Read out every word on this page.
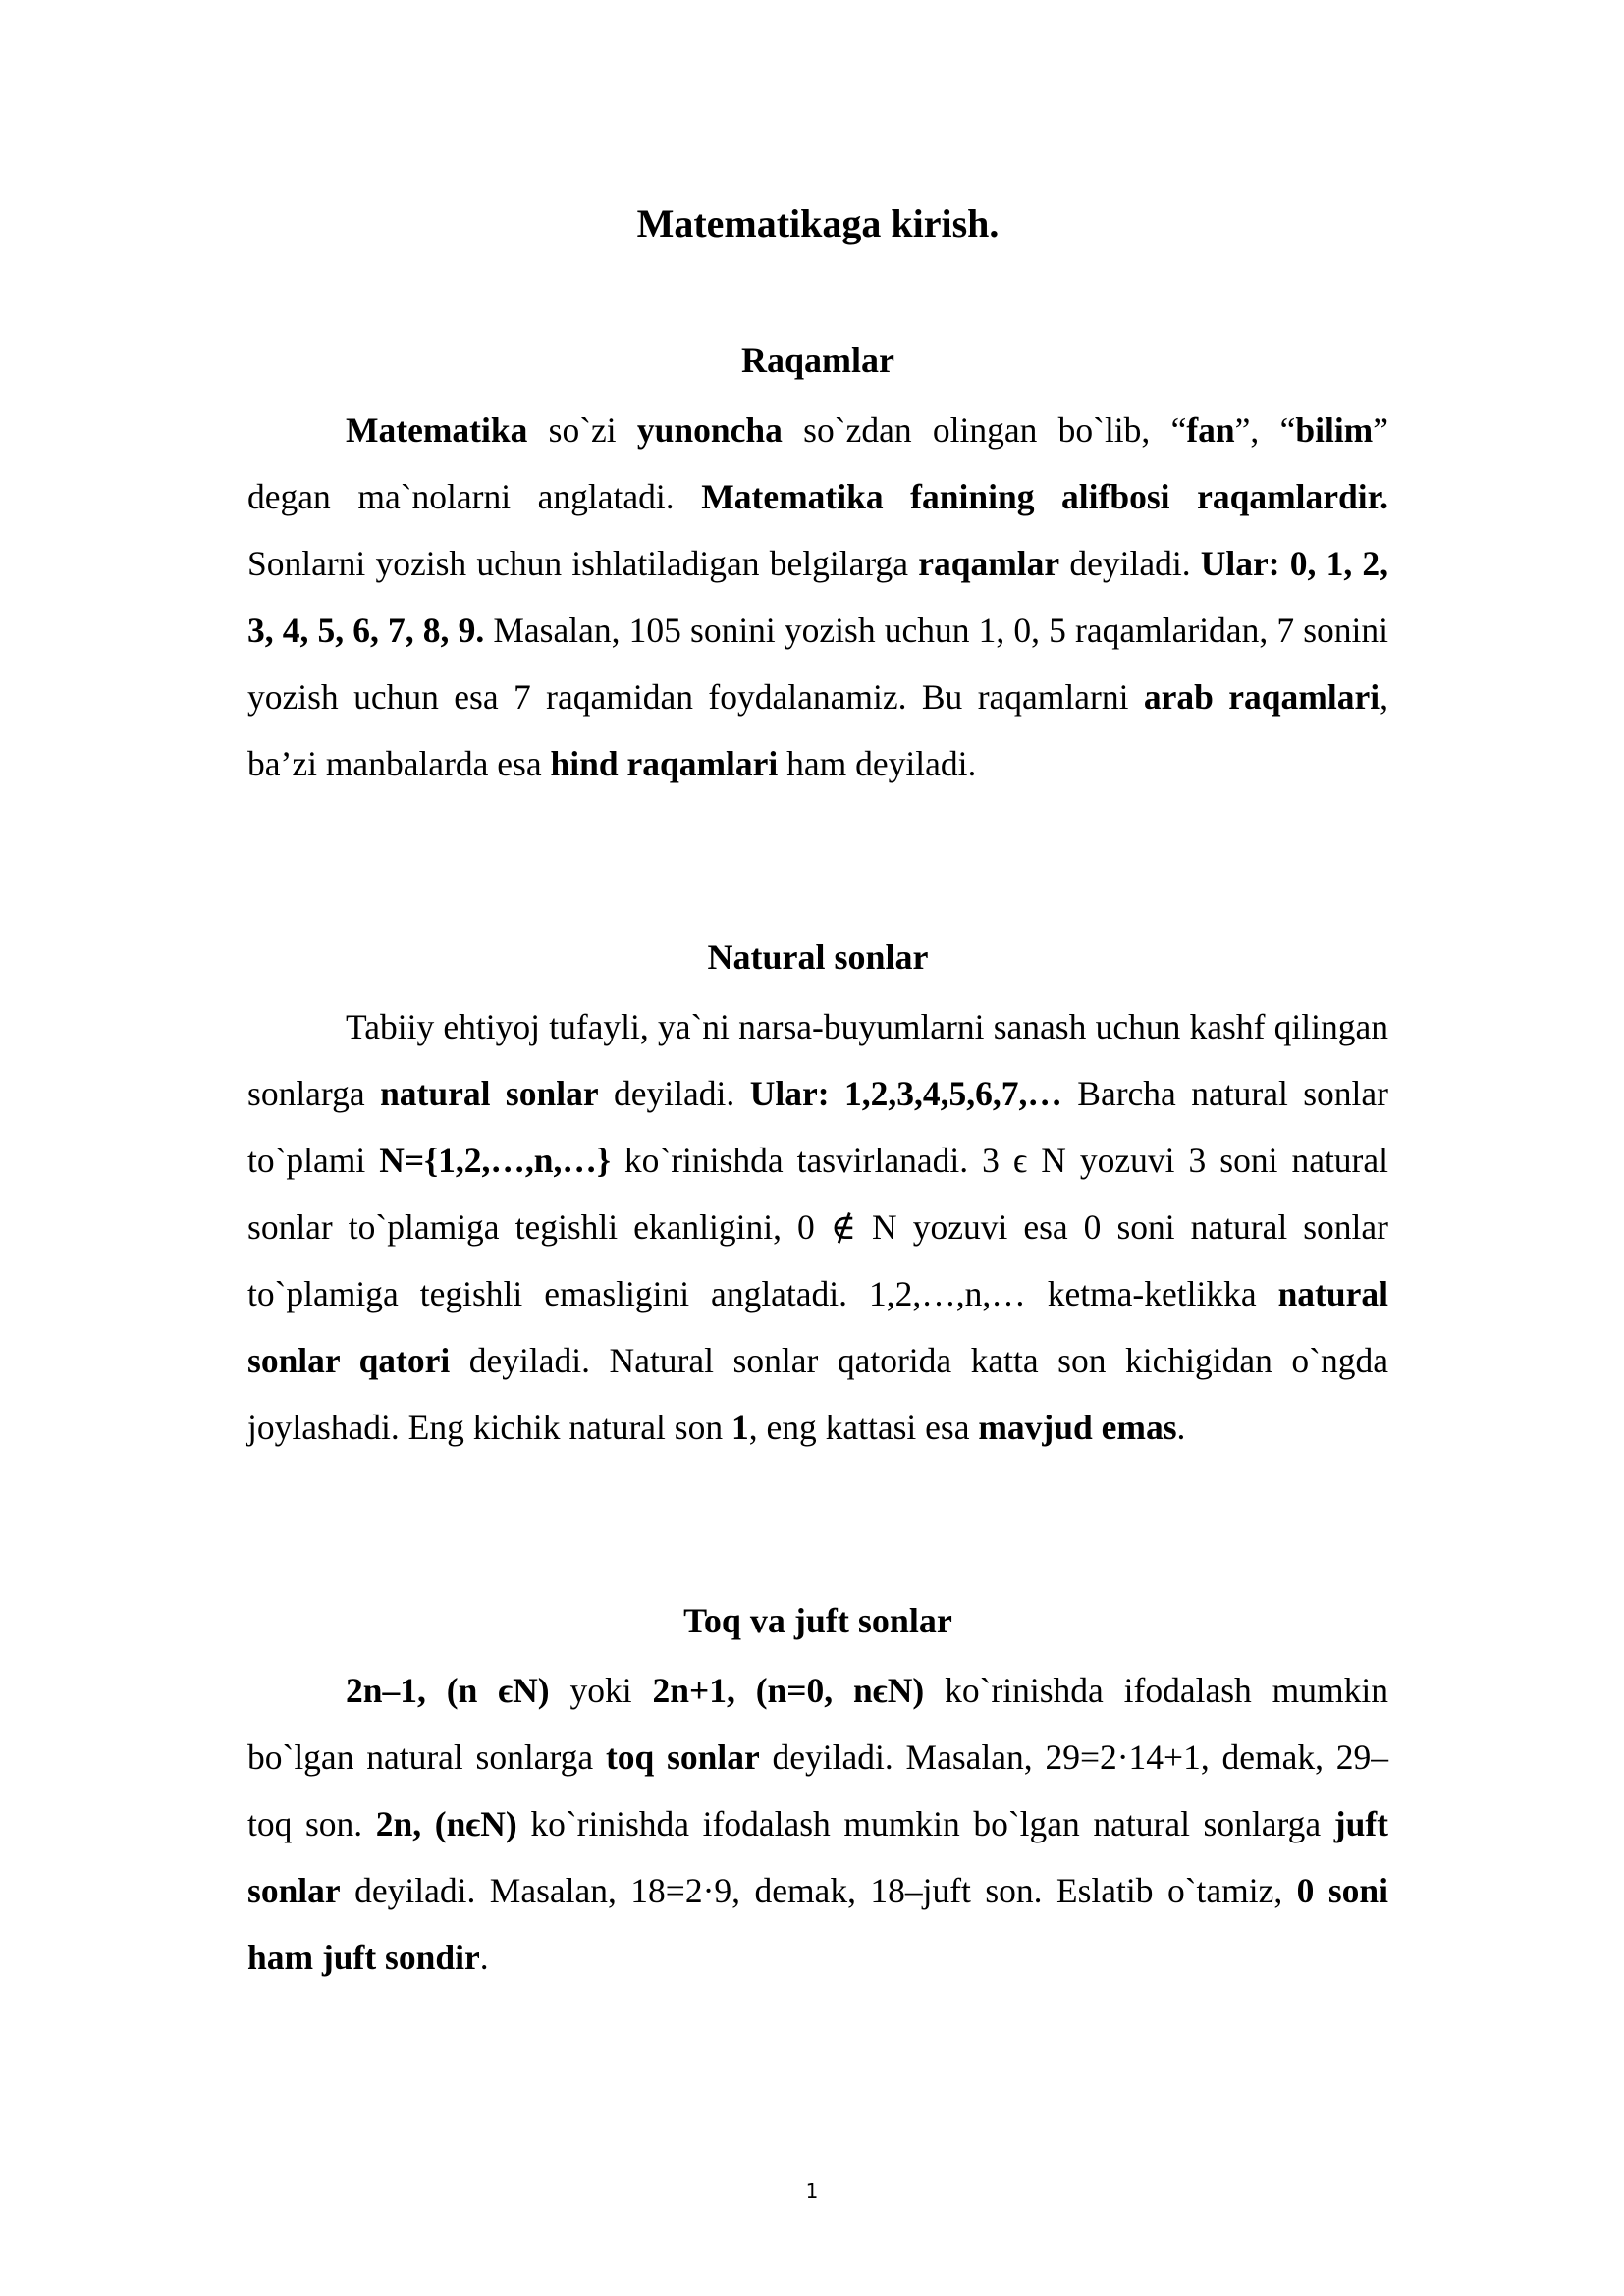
Matematikaga kirish.
Raqamlar

Matematika so`zi yunoncha so`zdan olingan bo`lib, “fan”, “bilim” degan ma`nolarni anglatadi. Matematika fanining alifbosi raqamlardir. Sonlarni yozish uchun ishlatiladigan belgilarga raqamlar deyiladi. Ular: 0, 1, 2, 3, 4, 5, 6, 7, 8, 9. Masalan, 105 sonini yozish uchun 1, 0, 5 raqamlaridan, 7 sonini yozish uchun esa 7 raqamidan foydalanamiz. Bu raqamlarni arab raqamlari, ba’zi manbalarda esa hind raqamlari ham deyiladi.

Natural sonlar

Tabiiy ehtiyoj tufayli, ya`ni narsa-buyumlarni sanash uchun kashf qilingan sonlarga natural sonlar deyiladi. Ular: 1,2,3,4,5,6,7,… Barcha natural sonlar to`plami N={1,2,…,n,…} ko`rinishda tasvirlanadi. 3 ϵ N yozuvi 3 soni natural sonlar to`plamiga tegishli ekanligini, 0 ∉ N yozuvi esa 0 soni natural sonlar to`plamiga tegishli emasligini anglatadi. 1,2,…,n,… ketma-ketlikka natural sonlar qatori deyiladi. Natural sonlar qatorida katta son kichigidan o`ngda joylashadi. Eng kichik natural son 1, eng kattasi esa mavjud emas.

Toq va juft sonlar

2n–1, (n ϵN) yoki 2n+1, (n=0, nϵN) ko`rinishda ifodalash mumkin bo`lgan natural sonlarga toq sonlar deyiladi. Masalan, 29=2·14+1, demak, 29–toq son. 2n, (nϵN) ko`rinishda ifodalash mumkin bo`lgan natural sonlarga juft sonlar deyiladi. Masalan, 18=2·9, demak, 18–juft son. Eslatib o`tamiz, 0 soni ham juft sondir.

1
